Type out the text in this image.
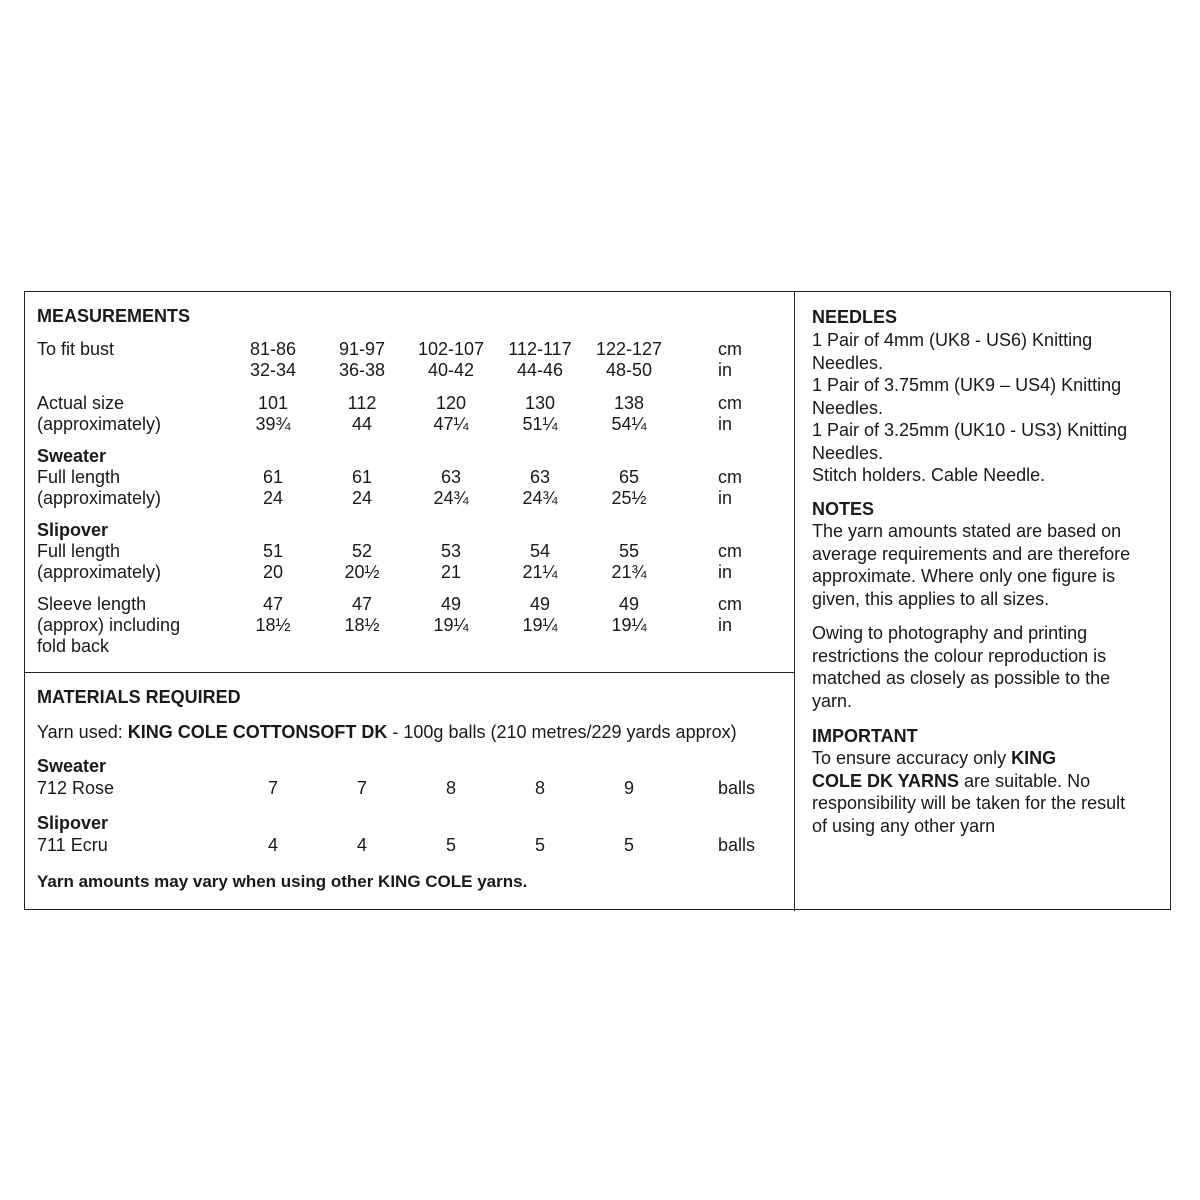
MEASUREMENTS
To fit bust	81-86	91-97	102-107	112-117	122-127	cm
32-34	36-38	40-42	44-46	48-50	in
Actual size
(approximately)
101	112	120	130	138	cm
39¾	44	47¼	51¼	54¼	in
Sweater
Full length
(approximately)
61	61	63	63	65	cm
24	24	24¾	24¾	25½	in
Slipover
Full length
(approximately)
51	52	53	54	55	cm
20	20½	21	21¼	21¾	in
Sleeve length
(approx) including
fold back
47	47	49	49	49	cm
18½	18½	19¼	19¼	19¼	in
MATERIALS REQUIRED
Yarn used: KING COLE COTTONSOFT DK - 100g balls (210 metres/229 yards approx)
Sweater
712 Rose	7	7	8	8	9	balls
Slipover
711 Ecru	4	4	5	5	5	balls
Yarn amounts may vary when using other KING COLE yarns.
NEEDLES
1 Pair of 4mm (UK8 - US6) Knitting
Needles.
1 Pair of 3.75mm (UK9 – US4) Knitting
Needles.
1 Pair of 3.25mm (UK10 - US3) Knitting
Needles.
Stitch holders. Cable Needle.
NOTES
The yarn amounts stated are based on
average requirements and are therefore
approximate. Where only one figure is
given, this applies to all sizes.
Owing to photography and printing
restrictions the colour reproduction is
matched as closely as possible to the
yarn.
IMPORTANT
To ensure accuracy only KING
COLE DK YARNS are suitable. No
responsibility will be taken for the result
of using any other yarn
